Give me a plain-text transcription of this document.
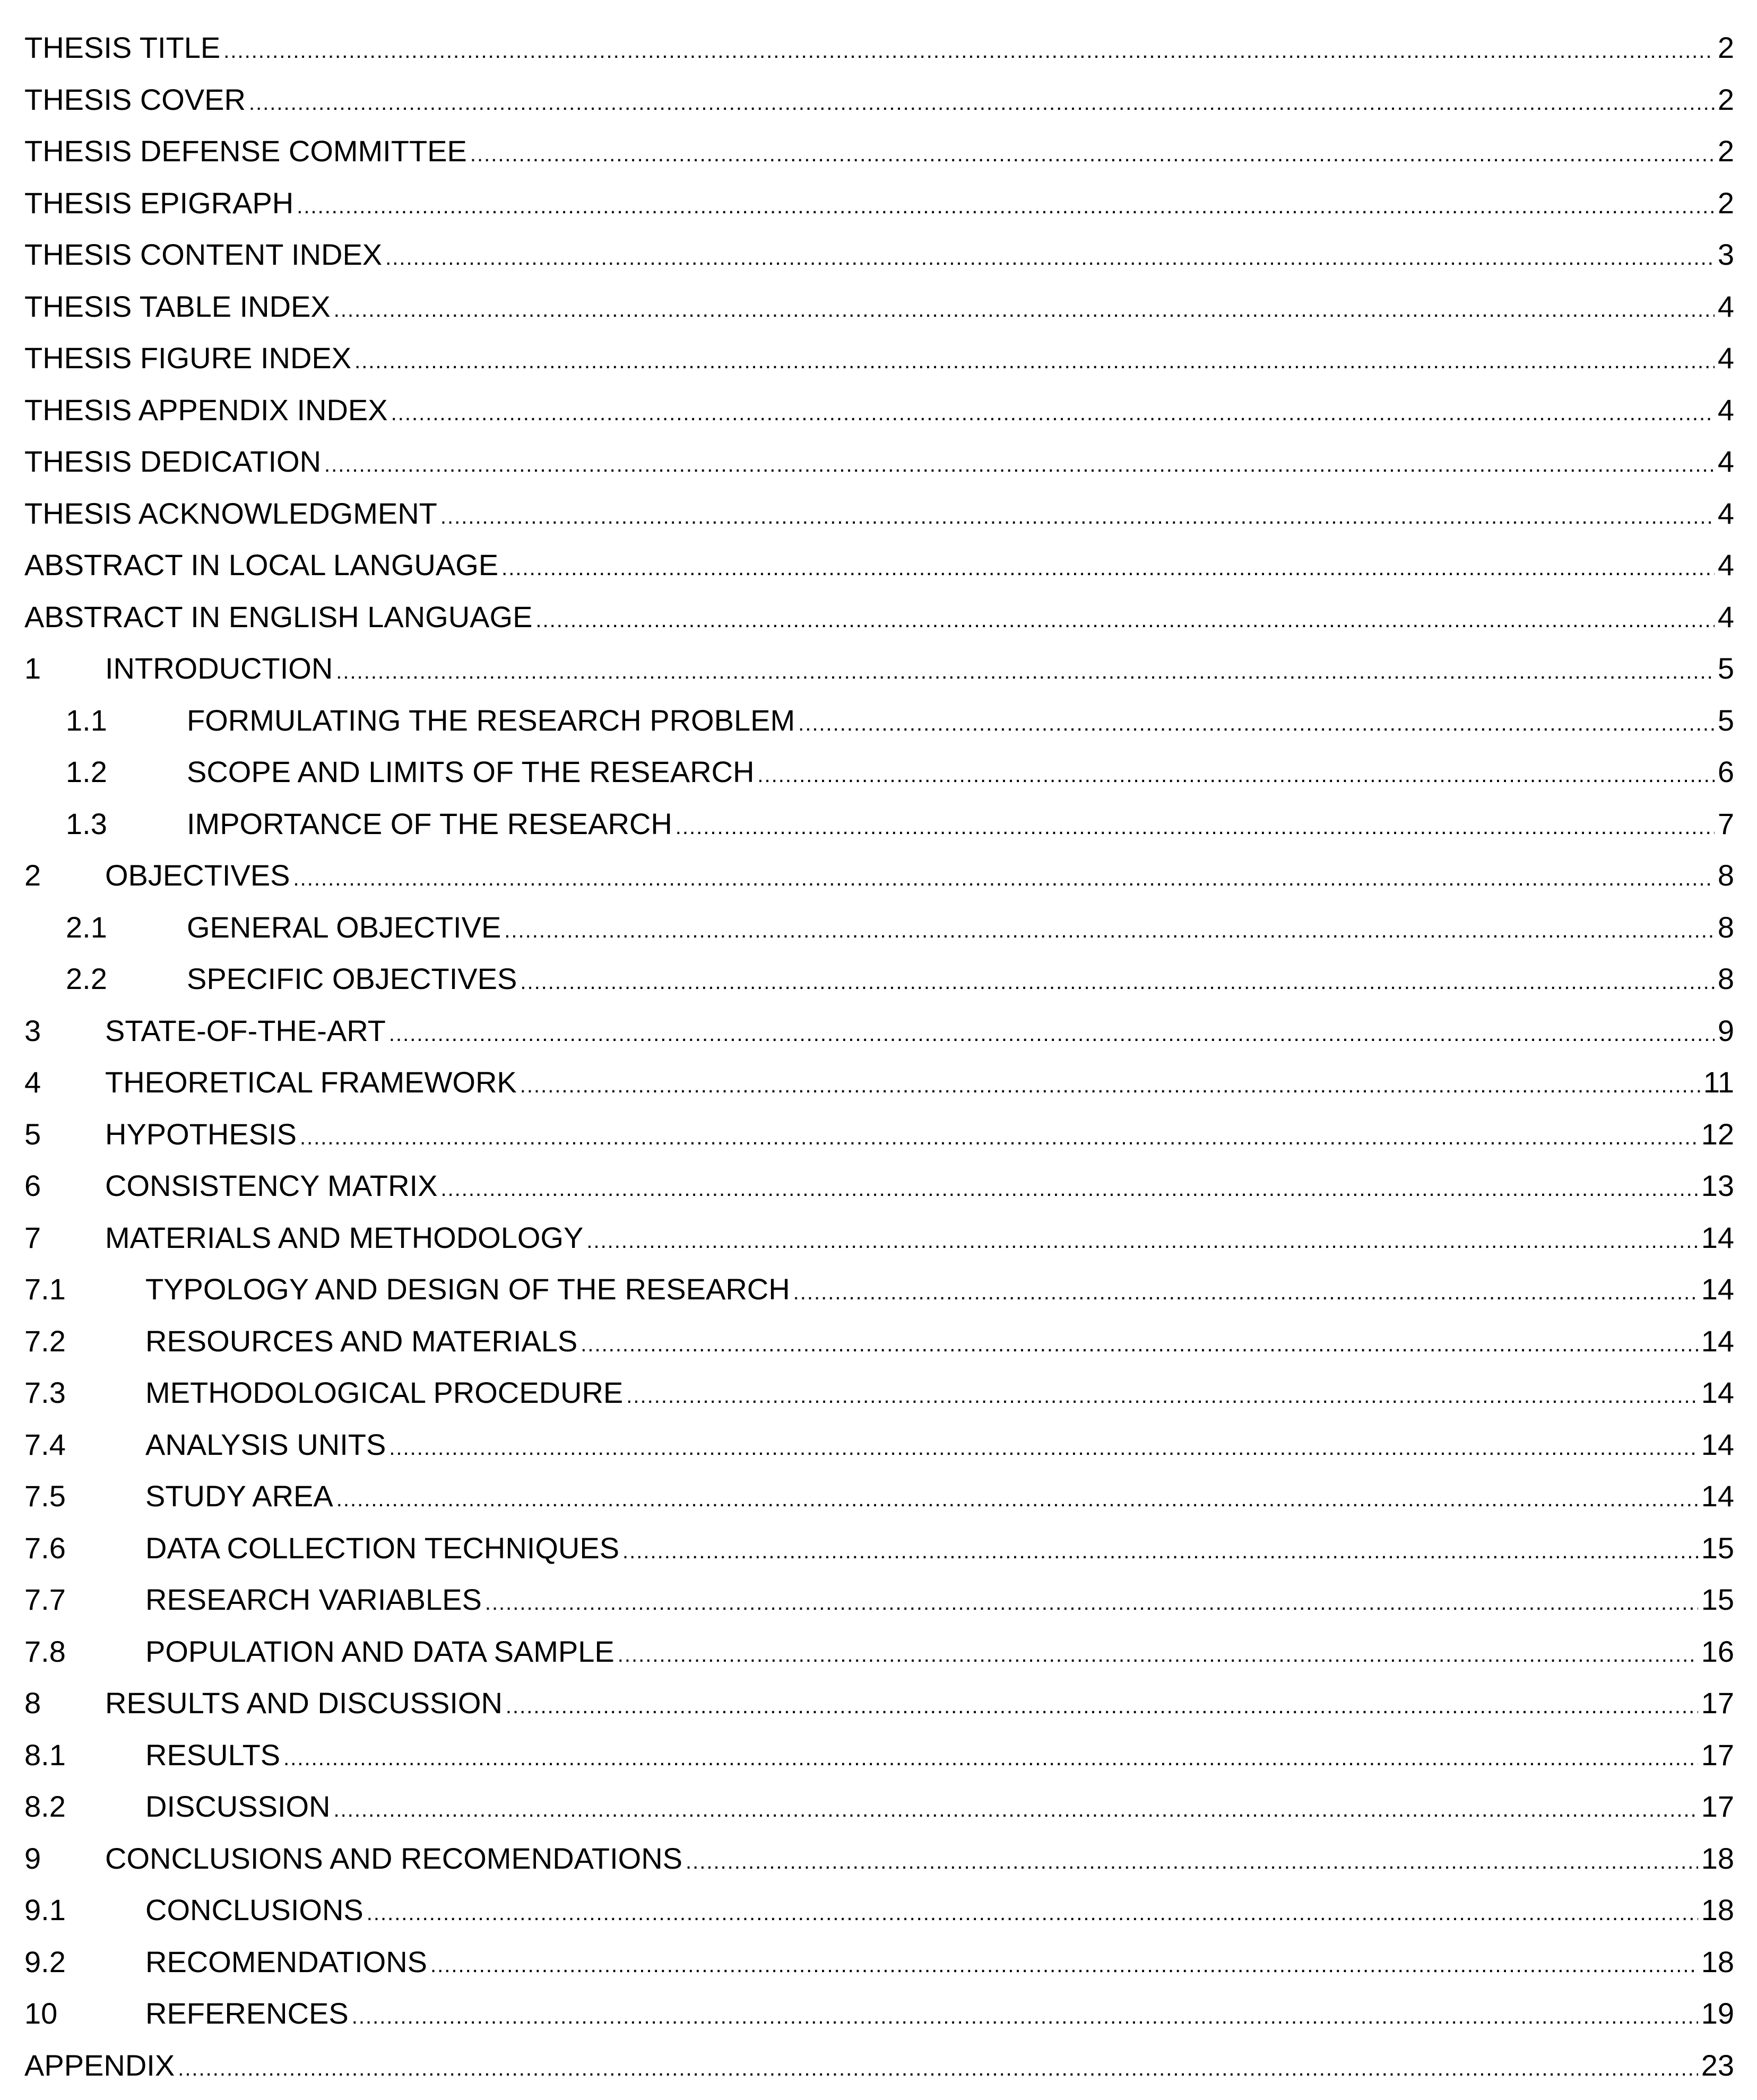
THESIS TITLE .....	2
THESIS COVER .....	2
THESIS DEFENSE COMMITTEE .....	2
THESIS EPIGRAPH .....	2
THESIS CONTENT INDEX .....	3
THESIS TABLE INDEX .....	4
THESIS FIGURE INDEX .....	4
THESIS APPENDIX INDEX .....	4
THESIS DEDICATION .....	4
THESIS ACKNOWLEDGMENT .....	4
ABSTRACT IN LOCAL LANGUAGE .....	4
ABSTRACT IN ENGLISH LANGUAGE .....	4
1	INTRODUCTION .....	5
1.1	FORMULATING THE RESEARCH PROBLEM .....	5
1.2	SCOPE AND LIMITS OF THE RESEARCH .....	6
1.3	IMPORTANCE OF THE RESEARCH .....	7
2	OBJECTIVES .....	8
2.1	GENERAL OBJECTIVE .....	8
2.2	SPECIFIC OBJECTIVES .....	8
3	STATE-OF-THE-ART .....	9
4	THEORETICAL FRAMEWORK .....	11
5	HYPOTHESIS .....	12
6	CONSISTENCY MATRIX .....	13
7	MATERIALS AND METHODOLOGY .....	14
7.1	TYPOLOGY AND DESIGN OF THE RESEARCH .....	14
7.2	RESOURCES AND MATERIALS .....	14
7.3	METHODOLOGICAL PROCEDURE .....	14
7.4	ANALYSIS UNITS .....	14
7.5	STUDY AREA .....	14
7.6	DATA COLLECTION TECHNIQUES .....	15
7.7	RESEARCH VARIABLES .....	15
7.8	POPULATION AND DATA SAMPLE .....	16
8	RESULTS AND DISCUSSION .....	17
8.1	RESULTS .....	17
8.2	DISCUSSION .....	17
9	CONCLUSIONS AND RECOMENDATIONS .....	18
9.1	CONCLUSIONS .....	18
9.2	RECOMENDATIONS .....	18
10	REFERENCES .....	19
APPENDIX .....	23
